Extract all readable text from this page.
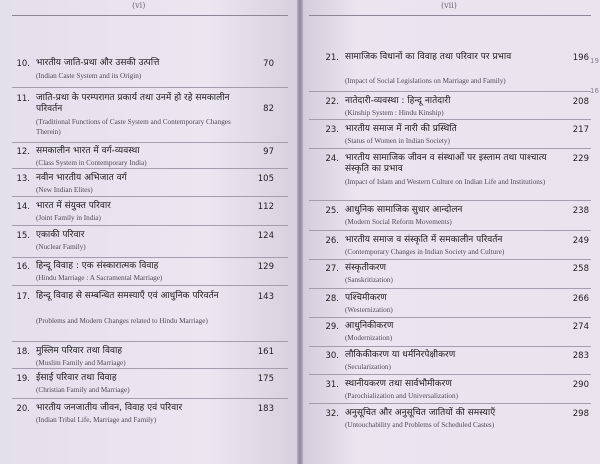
(vi)
10. भारतीय जाति-प्रथा और उसकी उत्पत्ति
(Indian Caste System and its Origin)
70
11. जाति-प्रथा के परम्परागत प्रकार्य तथा उनमें हो रहे समकालीन परिवर्तन
(Traditional Functions of Caste System and Contemporary Changes Therein)
82
12. समकालीन भारत में वर्ग-व्यवस्था
(Class System in Contemporary India)
97
13. नवीन भारतीय अभिजात वर्ग
(New Indian Elites)
105
14. भारत में संयुक्त परिवार
(Joint Family in India)
112
15. एकाकी परिवार
(Nuclear Family)
124
16. हिन्दू विवाह : एक संस्कारात्मक विवाह
(Hindu Marriage : A Sacramental Marriage)
129
17. हिन्दू विवाह से सम्बन्धित समस्याएँ एवं आधुनिक परिवर्तन
(Problems and Modern Changes related to Hindu Marriage)
143
18. मुस्लिम परिवार तथा विवाह
(Muslim Family and Marriage)
161
19. ईसाई परिवार तथा विवाह
(Christian Family and Marriage)
175
20. भारतीय जनजातीय जीवन, विवाह एवं परिवार
(Indian Tribal Life, Marriage and Family)
183
(vii)
21. सामाजिक विधानों का विवाह तथा परिवार पर प्रभाव
(Impact of Social Legislations on Marriage and Family)
196
22. नातेदारी-व्यवस्था : हिन्दू नातेदारी
(Kinship System : Hindu Kinship)
208
23. भारतीय समाज में नारी की प्रस्थिति
(Status of Women in Indian Society)
217
24. भारतीय सामाजिक जीवन व संस्थाओं पर इस्लाम तथा पाश्चात्य संस्कृति का प्रभाव
(Impact of Islam and Western Culture on Indian Life and Institutions)
229
25. आधुनिक सामाजिक सुधार आन्दोलन
(Modern Social Reform Movements)
238
26. भारतीय समाज व संस्कृति में समकालीन परिवर्तन
(Contemporary Changes in Indian Society and Culture)
249
27. संस्कृतीकरण
(Sanskritization)
258
28. पश्चिमीकरण
(Westernization)
266
29. आधुनिकीकरण
(Modernization)
274
30. लौकिकीकरण या धर्मनिरपेक्षीकरण
(Secularization)
283
31. स्थानीयकरण तथा सार्वभौमीकरण
(Parochialization and Universalization)
290
32. अनुसूचित और अनुसूचित जातियों की समस्याएँ
(Untouchability and Problems of Scheduled Castes)
298
19
16
